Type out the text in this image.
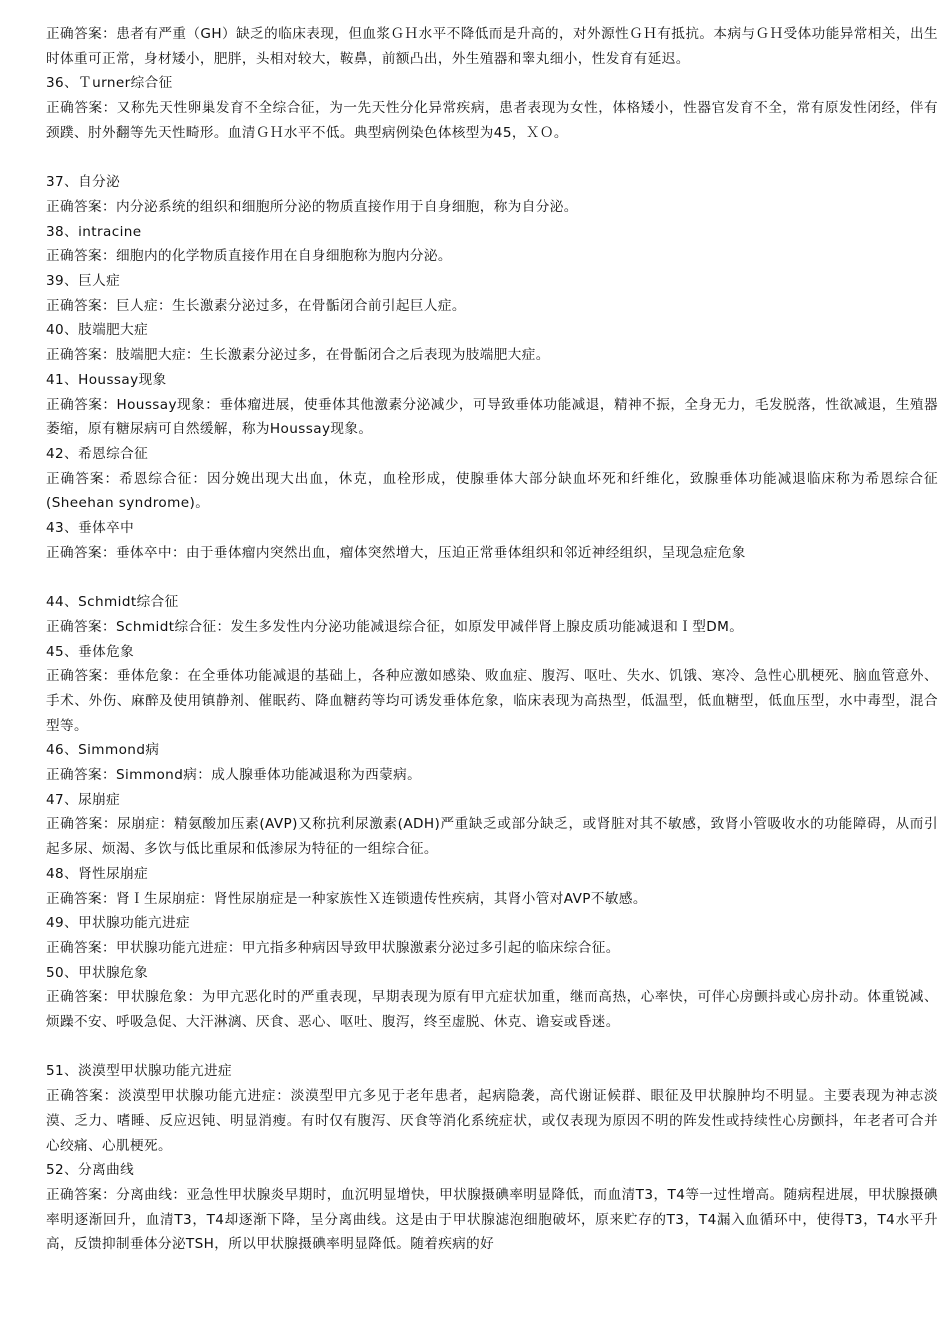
正确答案：患者有严重（GH）缺乏的临床表现，但血浆ＧＨ水平不降低而是升高的，对外源性ＧＨ有抵抗。本病与ＧＨ受体功能异常相关，出生时体重可正常，身材矮小，肥胖，头相对较大，鞍鼻，前额凸出，外生殖器和睾丸细小，性发育有延迟。

36、Ｔurner综合征

正确答案：又称先天性卵巢发育不全综合征，为一先天性分化异常疾病，患者表现为女性，体格矮小，性器官发育不全，常有原发性闭经，伴有颈蹼、肘外翻等先天性畸形。血清ＧＨ水平不低。典型病例染色体核型为45，ＸＯ。

37、自分泌

正确答案：内分泌系统的组织和细胞所分泌的物质直接作用于自身细胞，称为自分泌。

38、intracine

正确答案：细胞内的化学物质直接作用在自身细胞称为胞内分泌。

39、巨人症

正确答案：巨人症：生长激素分泌过多，在骨骺闭合前引起巨人症。

40、肢端肥大症

正确答案：肢端肥大症：生长激素分泌过多，在骨骺闭合之后表现为肢端肥大症。

41、Houssay现象

正确答案：Houssay现象：垂体瘤进展，使垂体其他激素分泌减少，可导致垂体功能减退，精神不振，全身无力，毛发脱落，性欲减退，生殖器萎缩，原有糖尿病可自然缓解，称为Houssay现象。

42、希恩综合征

正确答案：希恩综合征：因分娩出现大出血，休克，血栓形成，使腺垂体大部分缺血坏死和纤维化，致腺垂体功能减退临床称为希恩综合征(Sheehan syndrome)。

43、垂体卒中

正确答案：垂体卒中：由于垂体瘤内突然出血，瘤体突然增大，压迫正常垂体组织和邻近神经组织，呈现急症危象

44、Schmidt综合征

正确答案：Schmidt综合征：发生多发性内分泌功能减退综合征，如原发甲减伴肾上腺皮质功能减退和Ｉ型DM。

45、垂体危象

正确答案：垂体危象：在全垂体功能减退的基础上，各种应激如感染、败血症、腹泻、呕吐、失水、饥饿、寒冷、急性心肌梗死、脑血管意外、手术、外伤、麻醉及使用镇静剂、催眠药、降血糖药等均可诱发垂体危象，临床表现为高热型，低温型，低血糖型，低血压型，水中毒型，混合型等。

46、Simmond病

正确答案：Simmond病：成人腺垂体功能减退称为西蒙病。

47、尿崩症

正确答案：尿崩症：精氨酸加压素(AVP)又称抗利尿激素(ADH)严重缺乏或部分缺乏，或肾脏对其不敏感，致肾小管吸收水的功能障碍，从而引起多尿、烦渴、多饮与低比重尿和低渗尿为特征的一组综合征。

48、肾性尿崩症

正确答案：肾Ｉ生尿崩症：肾性尿崩症是一种家族性Ｘ连锁遗传性疾病，其肾小管对AVP不敏感。

49、甲状腺功能亢进症

正确答案：甲状腺功能亢进症：甲亢指多种病因导致甲状腺激素分泌过多引起的临床综合征。

50、甲状腺危象

正确答案：甲状腺危象：为甲亢恶化时的严重表现，早期表现为原有甲亢症状加重，继而高热，心率快，可伴心房颤抖或心房扑动。体重锐减、烦躁不安、呼吸急促、大汗淋漓、厌食、恶心、呕吐、腹泻，终至虚脱、休克、谵妄或昏迷。

51、淡漠型甲状腺功能亢进症

正确答案：淡漠型甲状腺功能亢进症：淡漠型甲亢多见于老年患者，起病隐袭，高代谢证候群、眼征及甲状腺肿均不明显。主要表现为神志淡漠、乏力、嗜睡、反应迟钝、明显消瘦。有时仅有腹泻、厌食等消化系统症状，或仅表现为原因不明的阵发性或持续性心房颤抖，年老者可合并心绞痛、心肌梗死。

52、分离曲线

正确答案：分离曲线：亚急性甲状腺炎早期时，血沉明显增快，甲状腺摄碘率明显降低，而血清T3，T4等一过性增高。随病程进展，甲状腺摄碘率明逐渐回升，血清T3，T4却逐渐下降，呈分离曲线。这是由于甲状腺滤泡细胞破坏，原来贮存的T3，T4漏入血循环中，使得T3，T4水平升高，反馈抑制垂体分泌TSH，所以甲状腺摄碘率明显降低。随着疾病的好
